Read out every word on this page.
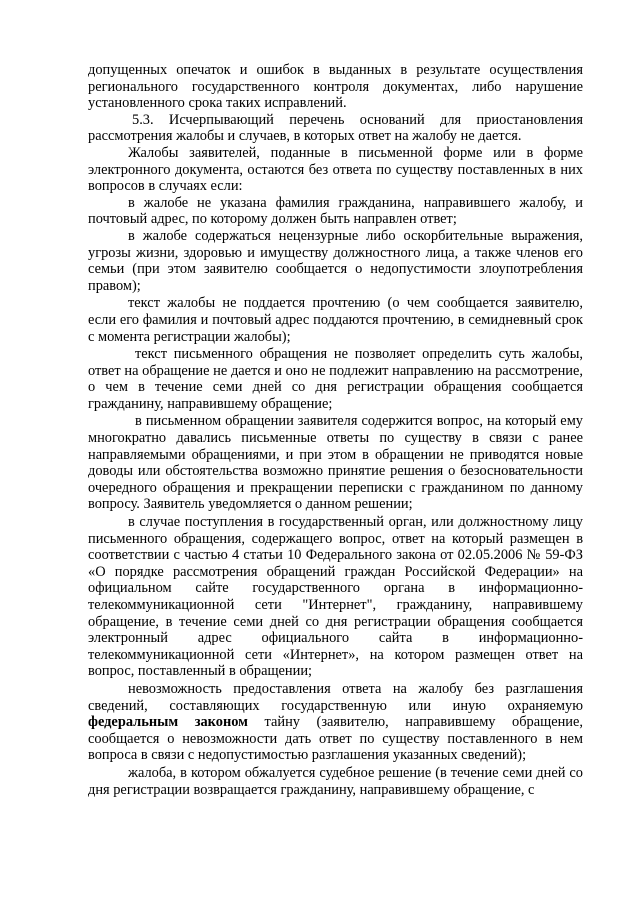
допущенных опечаток и ошибок в выданных в результате осуществления регионального государственного контроля документах, либо нарушение установленного срока таких исправлений.

5.3. Исчерпывающий перечень оснований для приостановления рассмотрения жалобы и случаев, в которых ответ на жалобу не дается.

Жалобы заявителей, поданные в письменной форме или в форме электронного документа, остаются без ответа по существу поставленных в них вопросов в случаях если:

в жалобе не указана фамилия гражданина, направившего жалобу, и почтовый адрес, по которому должен быть направлен ответ;

в жалобе содержаться нецензурные либо оскорбительные выражения, угрозы жизни, здоровью и имуществу должностного лица, а также членов его семьи (при этом заявителю сообщается о недопустимости злоупотребления правом);

текст жалобы не поддается прочтению (о чем сообщается заявителю, если его фамилия и почтовый адрес поддаются прочтению, в семидневный срок с момента регистрации жалобы);

текст письменного обращения не позволяет определить суть жалобы, ответ на обращение не дается и оно не подлежит направлению на рассмотрение, о чем в течение семи дней со дня регистрации обращения сообщается гражданину, направившему обращение;

в письменном обращении заявителя содержится вопрос, на который ему многократно давались письменные ответы по существу в связи с ранее направляемыми обращениями, и при этом в обращении не приводятся новые доводы или обстоятельства возможно принятие решения о безосновательности очередного обращения и прекращении переписки с гражданином по данному вопросу. Заявитель уведомляется о данном решении;

в случае поступления в государственный орган, или должностному лицу письменного обращения, содержащего вопрос, ответ на который размещен в соответствии с частью 4 статьи 10 Федерального закона от 02.05.2006 № 59-ФЗ «О порядке рассмотрения обращений граждан Российской Федерации» на официальном сайте государственного органа в информационно-телекоммуникационной сети "Интернет", гражданину, направившему обращение, в течение семи дней со дня регистрации обращения сообщается электронный адрес официального сайта в информационно-телекоммуникационной сети «Интернет», на котором размещен ответ на вопрос, поставленный в обращении;

невозможность предоставления ответа на жалобу без разглашения сведений, составляющих государственную или иную охраняемую федеральным законом тайну (заявителю, направившему обращение, сообщается о невозможности дать ответ по существу поставленного в нем вопроса в связи с недопустимостью разглашения указанных сведений);

жалоба, в котором обжалуется судебное решение (в течение семи дней со дня регистрации возвращается гражданину, направившему обращение, с
